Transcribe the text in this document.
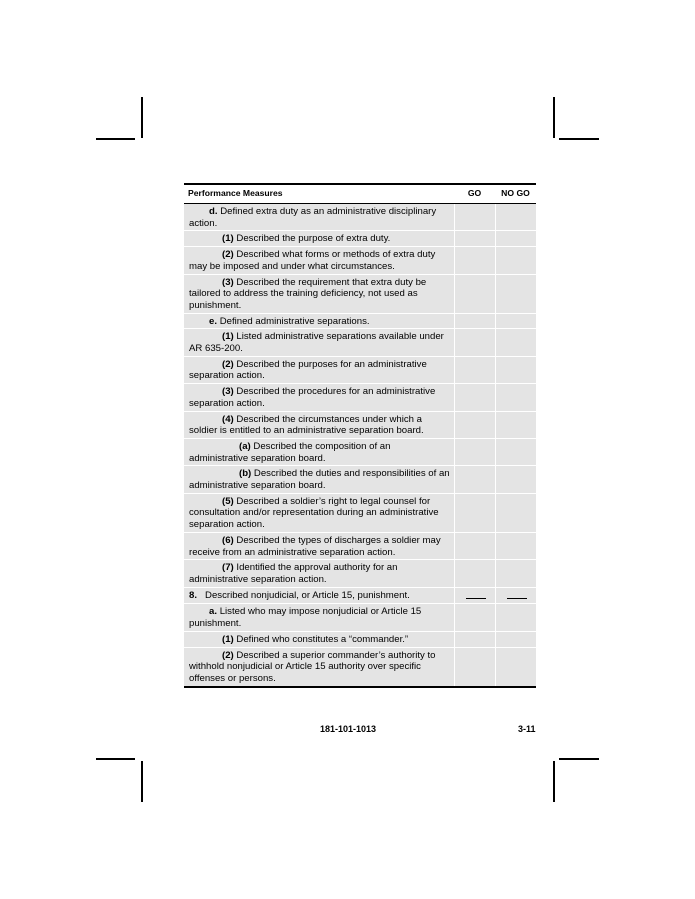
Performance Measures	GO	NO GO
d. Defined extra duty as an administrative disciplinary action.		
(1) Described the purpose of extra duty.		
(2) Described what forms or methods of extra duty may be imposed and under what circumstances.		
(3) Described the requirement that extra duty be tailored to address the training deficiency, not used as punishment.		
e. Defined administrative separations.		
(1) Listed administrative separations available under AR 635-200.		
(2) Described the purposes for an administrative separation action.		
(3) Described the procedures for an administrative separation action.		
(4) Described the circumstances under which a soldier is entitled to an administrative separation board.		
(a) Described the composition of an administrative separation board.		
(b) Described the duties and responsibilities of an administrative separation board.		
(5) Described a soldier’s right to legal counsel for consultation and/or representation during an administrative separation action.		
(6) Described the types of discharges a soldier may receive from an administrative separation action.		
(7) Identified the approval authority for an administrative separation action.		
8. Described nonjudicial, or Article 15, punishment.		
a. Listed who may impose nonjudicial or Article 15 punishment.		
(1) Defined who constitutes a “commander.”		
(2) Described a superior commander’s authority to withhold nonjudicial or Article 15 authority over specific offenses or persons.		
181-101-1013	3-11
